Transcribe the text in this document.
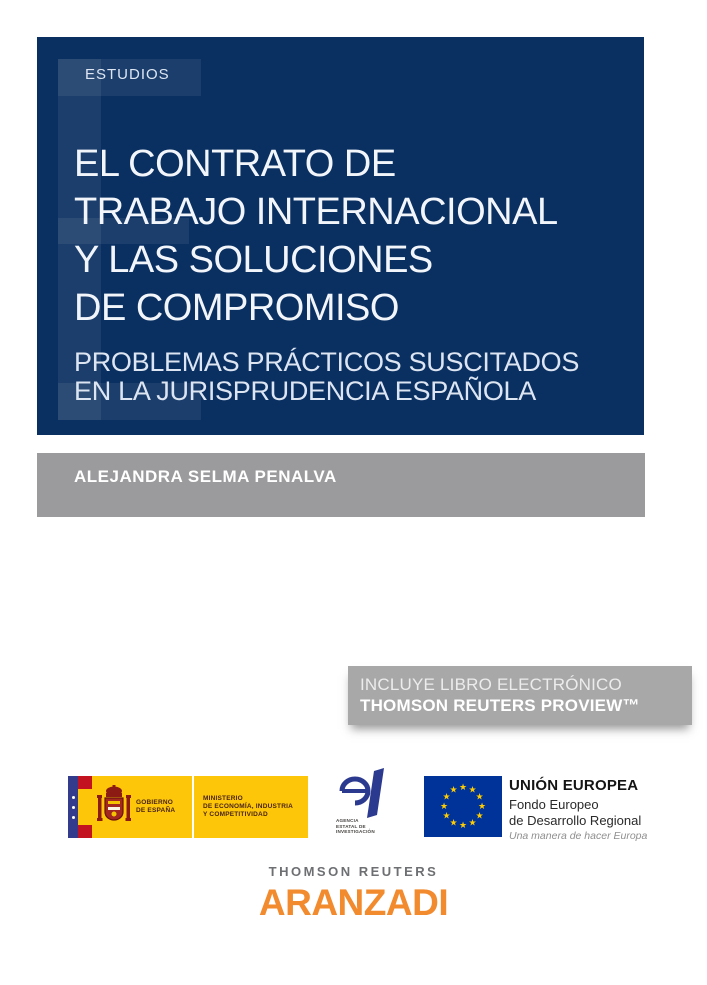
ESTUDIOS
EL CONTRATO DE
TRABAJO INTERNACIONAL
Y LAS SOLUCIONES
DE COMPROMISO
PROBLEMAS PRÁCTICOS SUSCITADOS
EN LA JURISPRUDENCIA ESPAÑOLA
ALEJANDRA SELMA PENALVA
INCLUYE LIBRO ELECTRÓNICO
THOMSON REUTERS PROVIEW™
GOBIERNO
DE ESPAÑA
MINISTERIO
DE ECONOMÍA, INDUSTRIA
Y COMPETITIVIDAD
AGENCIA
ESTATAL DE
INVESTIGACIÓN
★ ★
★
★
★
★
★
★
★
★
★
★	UNIÓN EUROPEA
Fondo Europeo
de Desarrollo Regional
Una manera de hacer Europa
THOMSON REUTERS
ARANZADI
